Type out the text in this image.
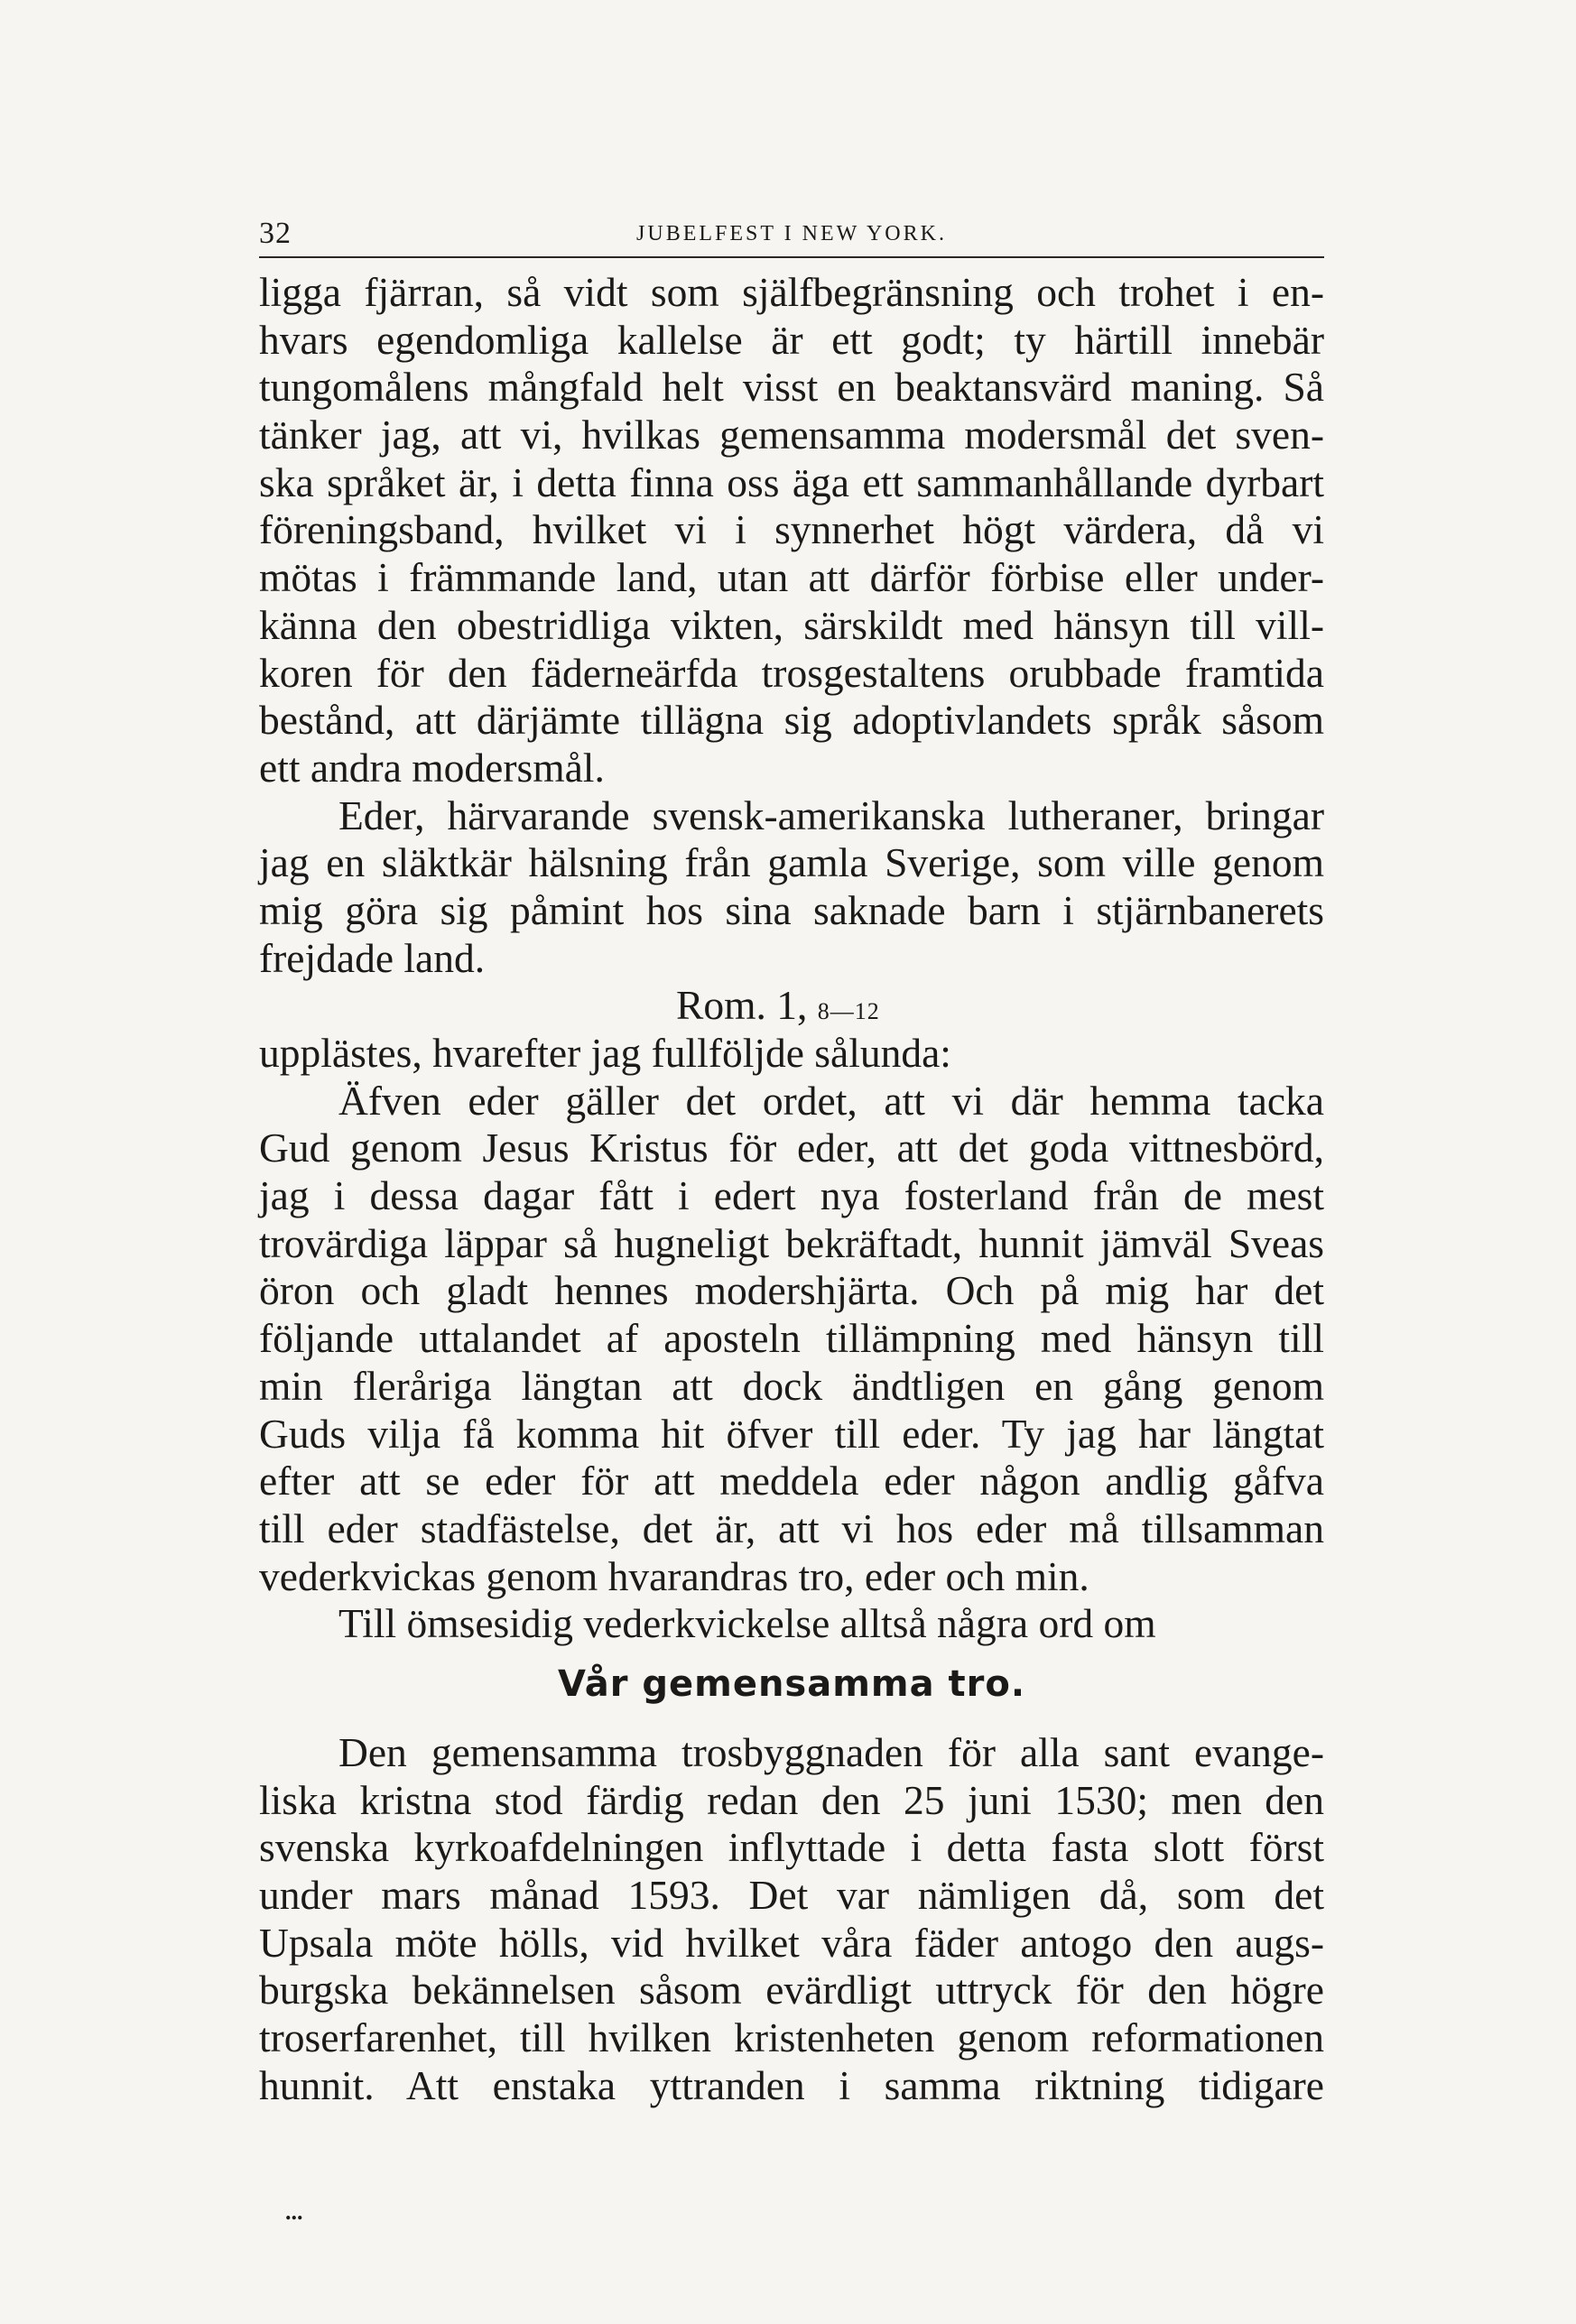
32	JUBELFEST I NEW YORK.
ligga fjärran, så vidt som själfbegränsning och trohet i en-
hvars egendomliga kallelse är ett godt; ty härtill innebär
tungomålens mångfald helt visst en beaktansvärd maning. Så
tänker jag, att vi, hvilkas gemensamma modersmål det sven-
ska språket är, i detta finna oss äga ett sammanhållande dyrbart
föreningsband, hvilket vi i synnerhet högt värdera, då vi
mötas i främmande land, utan att därför förbise eller under-
känna den obestridliga vikten, särskildt med hänsyn till vill-
koren för den fäderneärfda trosgestaltens orubbade framtida
bestånd, att därjämte tillägna sig adoptivlandets språk såsom
ett andra modersmål.
Eder, härvarande svensk-amerikanska lutheraner, bringar
jag en släktkär hälsning från gamla Sverige, som ville genom
mig göra sig påmint hos sina saknade barn i stjärnbanerets
frejdade land.
Rom. 1, 8—12
upplästes, hvarefter jag fullföljde sålunda:
Äfven eder gäller det ordet, att vi där hemma tacka
Gud genom Jesus Kristus för eder, att det goda vittnesbörd,
jag i dessa dagar fått i edert nya fosterland från de mest
trovärdiga läppar så hugneligt bekräftadt, hunnit jämväl Sveas
öron och gladt hennes modershjärta. Och på mig har det
följande uttalandet af aposteln tillämpning med hänsyn till
min fleråriga längtan att dock ändtligen en gång genom
Guds vilja få komma hit öfver till eder. Ty jag har längtat
efter att se eder för att meddela eder någon andlig gåfva
till eder stadfästelse, det är, att vi hos eder må tillsamman
vederkvickas genom hvarandras tro, eder och min.
Till ömsesidig vederkvickelse alltså några ord om
Vår gemensamma tro.
Den gemensamma trosbyggnaden för alla sant evange-
liska kristna stod färdig redan den 25 juni 1530; men den
svenska kyrkoafdelningen inflyttade i detta fasta slott först
under mars månad 1593. Det var nämligen då, som det
Upsala möte hölls, vid hvilket våra fäder antogo den augs-
burgska bekännelsen såsom evärdligt uttryck för den högre
troserfarenhet, till hvilken kristenheten genom reformationen
hunnit. Att enstaka yttranden i samma riktning tidigare
...
